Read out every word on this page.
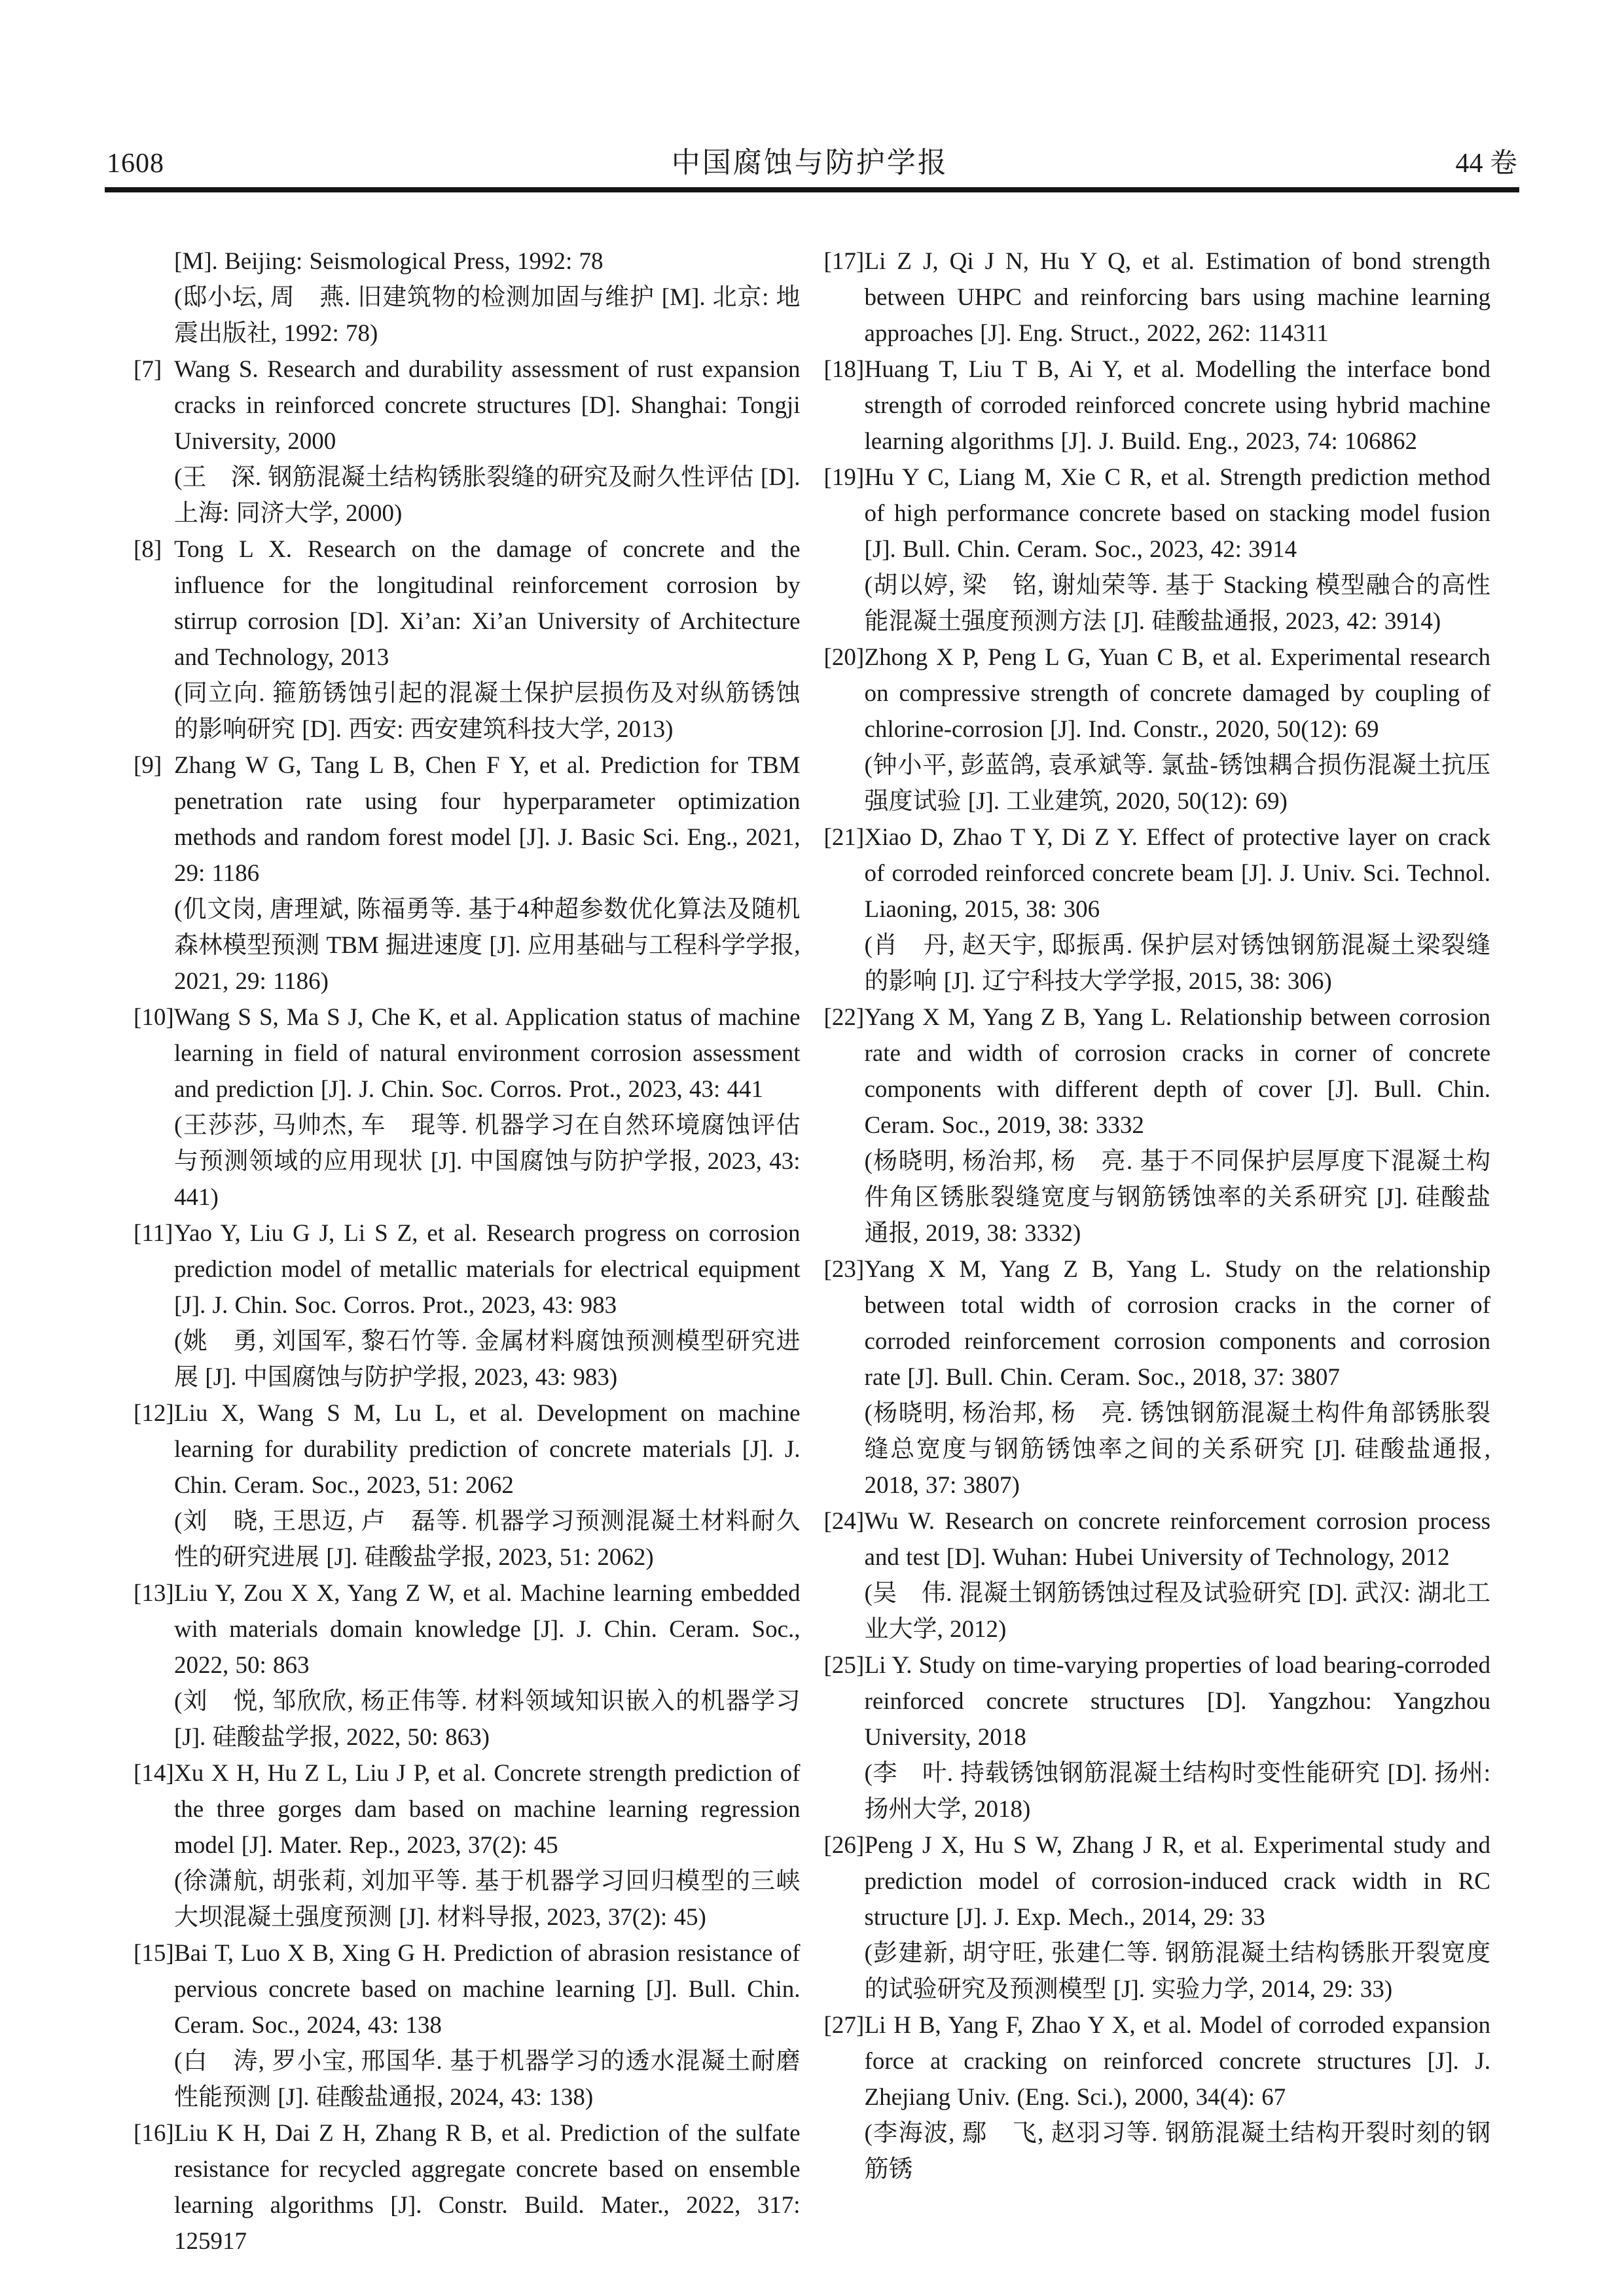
1608	中国腐蚀与防护学报	44 卷
[M]. Beijing: Seismological Press, 1992: 78
(邸小坛, 周　燕. 旧建筑物的检测加固与维护 [M]. 北京: 地震出版社, 1992: 78)
[7] Wang S. Research and durability assessment of rust expansion cracks in reinforced concrete structures [D]. Shanghai: Tongji University, 2000
(王　深. 钢筋混凝土结构锈胀裂缝的研究及耐久性评估 [D]. 上海: 同济大学, 2000)
[8] Tong L X. Research on the damage of concrete and the influence for the longitudinal reinforcement corrosion by stirrup corrosion [D]. Xi’an: Xi’an University of Architecture and Technology, 2013
(同立向. 箍筋锈蚀引起的混凝土保护层损伤及对纵筋锈蚀的影响研究 [D]. 西安: 西安建筑科技大学, 2013)
[9] Zhang W G, Tang L B, Chen F Y, et al. Prediction for TBM penetration rate using four hyperparameter optimization methods and random forest model [J]. J. Basic Sci. Eng., 2021, 29: 1186
(仉文岗, 唐理斌, 陈福勇等. 基于4种超参数优化算法及随机森林模型预测 TBM 掘进速度 [J]. 应用基础与工程科学学报, 2021, 29: 1186)
[10]Wang S S, Ma S J, Che K, et al. Application status of machine learning in field of natural environment corrosion assessment and prediction [J]. J. Chin. Soc. Corros. Prot., 2023, 43: 441
(王莎莎, 马帅杰, 车　琨等. 机器学习在自然环境腐蚀评估与预测领域的应用现状 [J]. 中国腐蚀与防护学报, 2023, 43: 441)
[11]Yao Y, Liu G J, Li S Z, et al. Research progress on corrosion prediction model of metallic materials for electrical equipment [J]. J. Chin. Soc. Corros. Prot., 2023, 43: 983
(姚　勇, 刘国军, 黎石竹等. 金属材料腐蚀预测模型研究进展 [J]. 中国腐蚀与防护学报, 2023, 43: 983)
[12]Liu X, Wang S M, Lu L, et al. Development on machine learning for durability prediction of concrete materials [J]. J. Chin. Ceram. Soc., 2023, 51: 2062
(刘　晓, 王思迈, 卢　磊等. 机器学习预测混凝土材料耐久性的研究进展 [J]. 硅酸盐学报, 2023, 51: 2062)
[13]Liu Y, Zou X X, Yang Z W, et al. Machine learning embedded with materials domain knowledge [J]. J. Chin. Ceram. Soc., 2022, 50: 863
(刘　悦, 邹欣欣, 杨正伟等. 材料领域知识嵌入的机器学习 [J]. 硅酸盐学报, 2022, 50: 863)
[14]Xu X H, Hu Z L, Liu J P, et al. Concrete strength prediction of the three gorges dam based on machine learning regression model [J]. Mater. Rep., 2023, 37(2): 45
(徐潇航, 胡张莉, 刘加平等. 基于机器学习回归模型的三峡大坝混凝土强度预测 [J]. 材料导报, 2023, 37(2): 45)
[15]Bai T, Luo X B, Xing G H. Prediction of abrasion resistance of pervious concrete based on machine learning [J]. Bull. Chin. Ceram. Soc., 2024, 43: 138
(白　涛, 罗小宝, 邢国华. 基于机器学习的透水混凝土耐磨性能预测 [J]. 硅酸盐通报, 2024, 43: 138)
[16]Liu K H, Dai Z H, Zhang R B, et al. Prediction of the sulfate resistance for recycled aggregate concrete based on ensemble learning algorithms [J]. Constr. Build. Mater., 2022, 317: 125917
[17]Li Z J, Qi J N, Hu Y Q, et al. Estimation of bond strength between UHPC and reinforcing bars using machine learning approaches [J]. Eng. Struct., 2022, 262: 114311
[18]Huang T, Liu T B, Ai Y, et al. Modelling the interface bond strength of corroded reinforced concrete using hybrid machine learning algorithms [J]. J. Build. Eng., 2023, 74: 106862
[19]Hu Y C, Liang M, Xie C R, et al. Strength prediction method of high performance concrete based on stacking model fusion [J]. Bull. Chin. Ceram. Soc., 2023, 42: 3914
(胡以婷, 梁　铭, 谢灿荣等. 基于 Stacking 模型融合的高性能混凝土强度预测方法 [J]. 硅酸盐通报, 2023, 42: 3914)
[20]Zhong X P, Peng L G, Yuan C B, et al. Experimental research on compressive strength of concrete damaged by coupling of chlorine-corrosion [J]. Ind. Constr., 2020, 50(12): 69
(钟小平, 彭蓝鸽, 袁承斌等. 氯盐-锈蚀耦合损伤混凝土抗压强度试验 [J]. 工业建筑, 2020, 50(12): 69)
[21]Xiao D, Zhao T Y, Di Z Y. Effect of protective layer on crack of corroded reinforced concrete beam [J]. J. Univ. Sci. Technol. Liaoning, 2015, 38: 306
(肖　丹, 赵天宇, 邸振禹. 保护层对锈蚀钢筋混凝土梁裂缝的影响 [J]. 辽宁科技大学学报, 2015, 38: 306)
[22]Yang X M, Yang Z B, Yang L. Relationship between corrosion rate and width of corrosion cracks in corner of concrete components with different depth of cover [J]. Bull. Chin. Ceram. Soc., 2019, 38: 3332
(杨晓明, 杨治邦, 杨　亮. 基于不同保护层厚度下混凝土构件角区锈胀裂缝宽度与钢筋锈蚀率的关系研究 [J]. 硅酸盐通报, 2019, 38: 3332)
[23]Yang X M, Yang Z B, Yang L. Study on the relationship between total width of corrosion cracks in the corner of corroded reinforcement corrosion components and corrosion rate [J]. Bull. Chin. Ceram. Soc., 2018, 37: 3807
(杨晓明, 杨治邦, 杨　亮. 锈蚀钢筋混凝土构件角部锈胀裂缝总宽度与钢筋锈蚀率之间的关系研究 [J]. 硅酸盐通报, 2018, 37: 3807)
[24]Wu W. Research on concrete reinforcement corrosion process and test [D]. Wuhan: Hubei University of Technology, 2012
(吴　伟. 混凝土钢筋锈蚀过程及试验研究 [D]. 武汉: 湖北工业大学, 2012)
[25]Li Y. Study on time-varying properties of load bearing-corroded reinforced concrete structures [D]. Yangzhou: Yangzhou University, 2018
(李　叶. 持载锈蚀钢筋混凝土结构时变性能研究 [D]. 扬州: 扬州大学, 2018)
[26]Peng J X, Hu S W, Zhang J R, et al. Experimental study and prediction model of corrosion-induced crack width in RC structure [J]. J. Exp. Mech., 2014, 29: 33
(彭建新, 胡守旺, 张建仁等. 钢筋混凝土结构锈胀开裂宽度的试验研究及预测模型 [J]. 实验力学, 2014, 29: 33)
[27]Li H B, Yang F, Zhao Y X, et al. Model of corroded expansion force at cracking on reinforced concrete structures [J]. J. Zhejiang Univ. (Eng. Sci.), 2000, 34(4): 67
(李海波, 鄢　飞, 赵羽习等. 钢筋混凝土结构开裂时刻的钢筋锈
